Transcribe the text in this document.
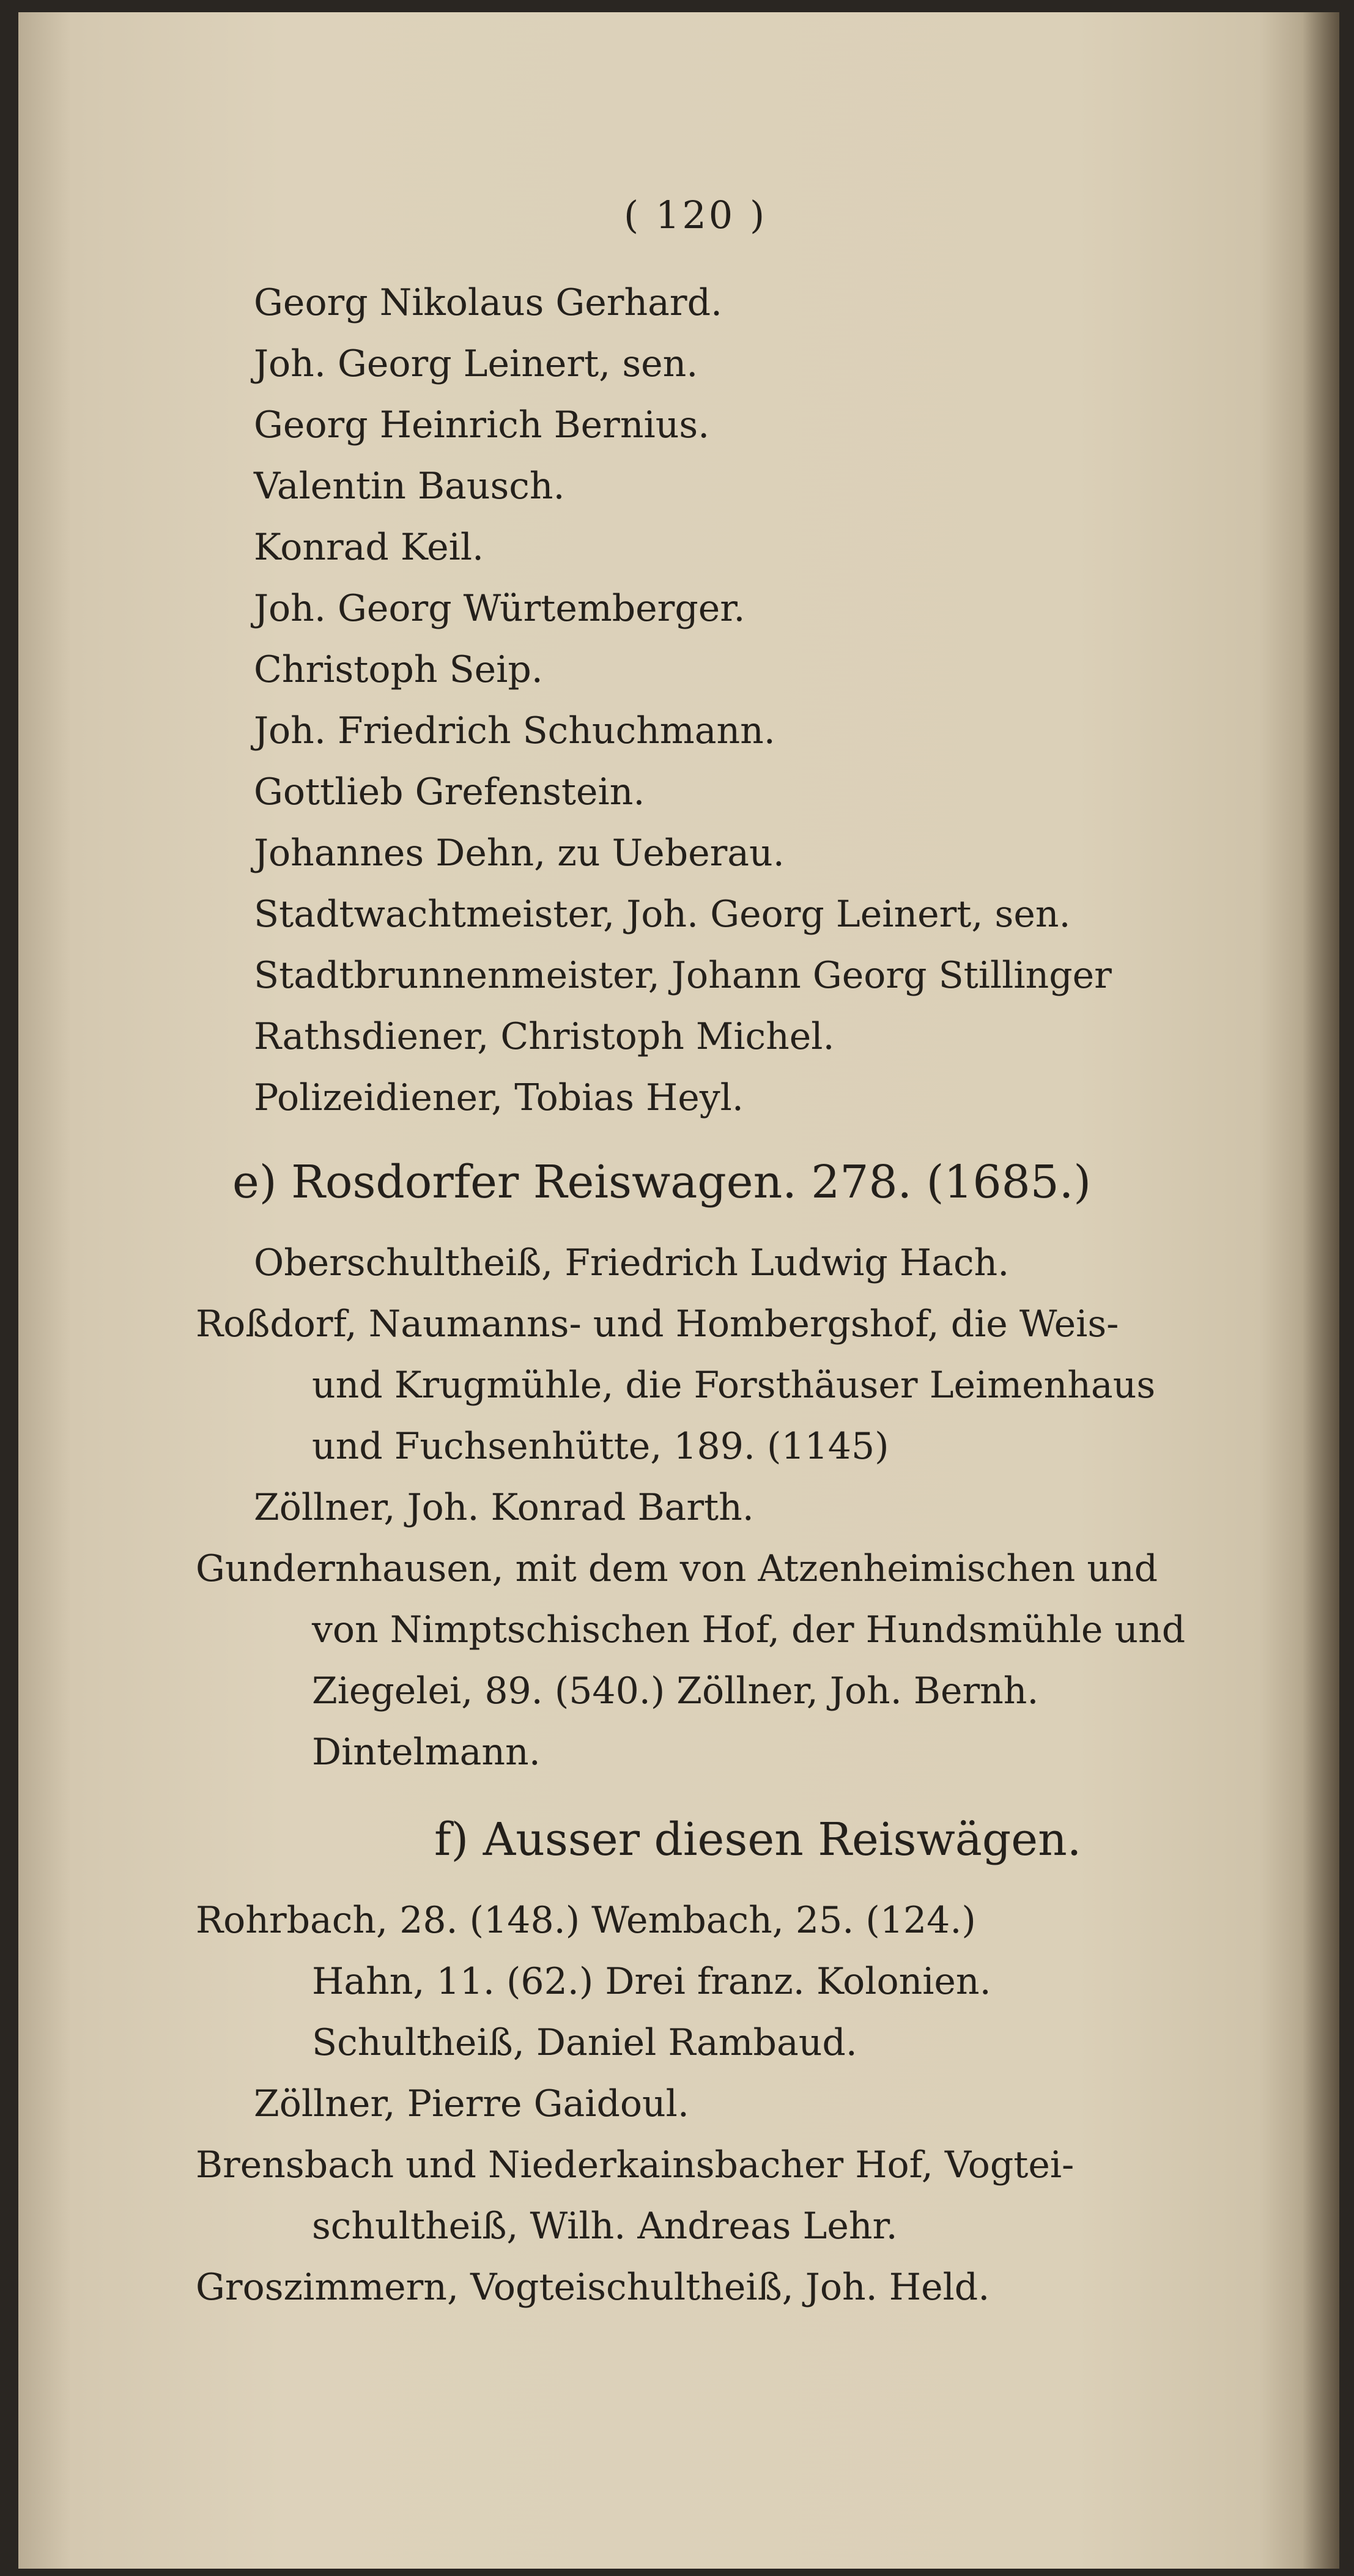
( 120 )
Georg Nikolaus Gerhard.
Joh. Georg Leinert, sen.
Georg Heinrich Bernius.
Valentin Bausch.
Konrad Keil.
Joh. Georg Würtemberger.
Christoph Seip.
Joh. Friedrich Schuchmann.
Gottlieb Grefenstein.
Johannes Dehn, zu Ueberau.
Stadtwachtmeister, Joh. Georg Leinert, sen.
Stadtbrunnenmeister, Johann Georg Stillinger
Rathsdiener, Christoph Michel.
Polizeidiener, Tobias Heyl.
e) Rosdorfer Reiswagen. 278. (1685.)
Oberschultheiß, Friedrich Ludwig Hach.
Roßdorf, Naumanns- und Hombergshof, die Weis-
und Krugmühle, die Forsthäuser Leimenhaus
und Fuchsenhütte, 189. (1145)
Zöllner, Joh. Konrad Barth.
Gundernhausen, mit dem von Atzenheimischen und
von Nimptschischen Hof, der Hundsmühle und
Ziegelei, 89. (540.) Zöllner, Joh. Bernh.
Dintelmann.
f) Ausser diesen Reiswägen.
Rohrbach, 28. (148.) Wembach, 25. (124.)
Hahn, 11. (62.) Drei franz. Kolonien.
Schultheiß, Daniel Rambaud.
Zöllner, Pierre Gaidoul.
Brensbach und Niederkainsbacher Hof, Vogtei-
schultheiß, Wilh. Andreas Lehr.
Groszimmern, Vogteischultheiß, Joh. Held.
